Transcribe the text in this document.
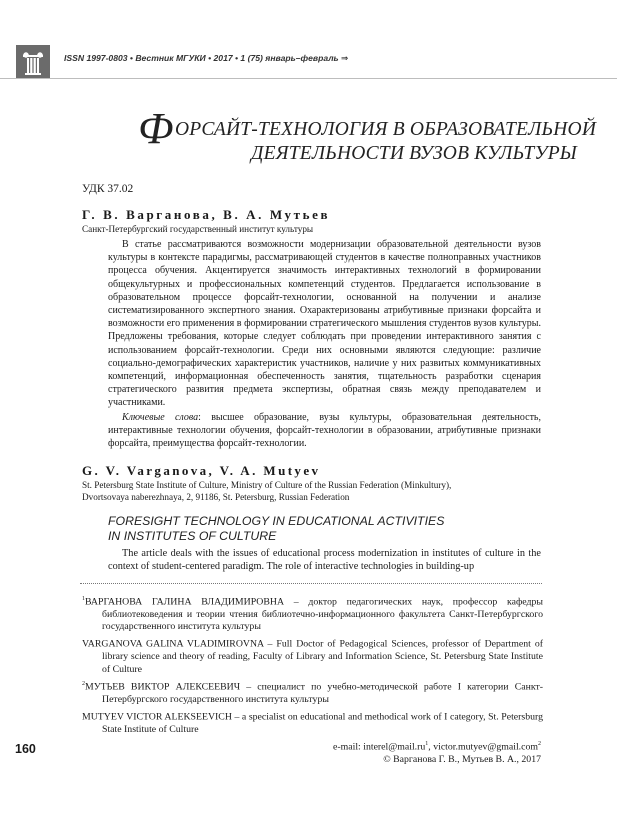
ISSN 1997-0803 • Вестник МГУКИ • 2017 • 1 (75) январь–февраль ⇒
Ф ОРСАЙТ-ТЕХНОЛОГИЯ В ОБРАЗОВАТЕЛЬНОЙ
ДЕЯТЕЛЬНОСТИ ВУЗОВ КУЛЬТУРЫ
УДК 37.02
Г. В. Варганова, В. А. Мутьев
Санкт-Петербургский государственный институт культуры

В статье рассматриваются возможности модернизации образовательной деятельности вузов культуры в контексте парадигмы, рассматривающей студентов в качестве полноправных участников процесса обучения. Акцентируется значимость интерактивных технологий в формировании общекультурных и профессиональных компетенций студентов. Предлагается использование в образовательном процессе форсайт-технологии, основанной на получении и анализе систематизированного экспертного знания. Охарактеризованы атрибутивные признаки форсайта и возможности его применения в формировании стратегического мышления студентов вузов культуры. Предложены требования, которые следует соблюдать при проведении интерактивного занятия с использованием форсайт-технологии. Среди них основными являются следующие: различие социально-демографических характеристик участников, наличие у них развитых коммуникативных компетенций, информационная обеспеченность занятия, тщательность разработки сценария стратегического развития предмета экспертизы, обратная связь между преподавателем и участниками.

Ключевые слова: высшее образование, вузы культуры, образовательная деятельность, интерактивные технологии обучения, форсайт-технологии в образовании, атрибутивные признаки форсайта, преимущества форсайт-технологии.

G. V. Varganova, V. A. Mutyev
St. Petersburg State Institute of Culture, Ministry of Culture of the Russian Federation (Minkultury),
Dvortsovaya naberezhnaya, 2, 91186, St. Petersburg, Russian Federation
FORESIGHT TECHNOLOGY IN EDUCATIONAL ACTIVITIES
IN INSTITUTES OF CULTURE

The article deals with the issues of educational process modernization in institutes of culture in the context of student-centered paradigm. The role of interactive technologies in building-up

$^1$ВАРГАНОВА ГАЛИНА ВЛАДИМИРОВНА – доктор педагогических наук, профессор кафедры библиотековедения и теории чтения библиотечно-информационного факультета Санкт-Петербургского государственного института культуры

VARGANOVA GALINA VLADIMIROVNA – Full Doctor of Pedagogical Sciences, professor of Department of library science and theory of reading, Faculty of Library and Information Science, St. Petersburg State Institute of Culture

$^2$МУТЬЕВ ВИКТОР АЛЕКСЕЕВИЧ – специалист по учебно-методической работе I категории Санкт-Петербургского государственного института культуры

MUTYEV VICTOR ALEKSEEVICH – a specialist on educational and methodical work of I category, St. Petersburg State Institute of Culture

160	e-mail: $interel@mail.ru^1$, victor.mutyev@gmail.com$^2$
© Варганова Г. В., Мутьев В. А., 2017
